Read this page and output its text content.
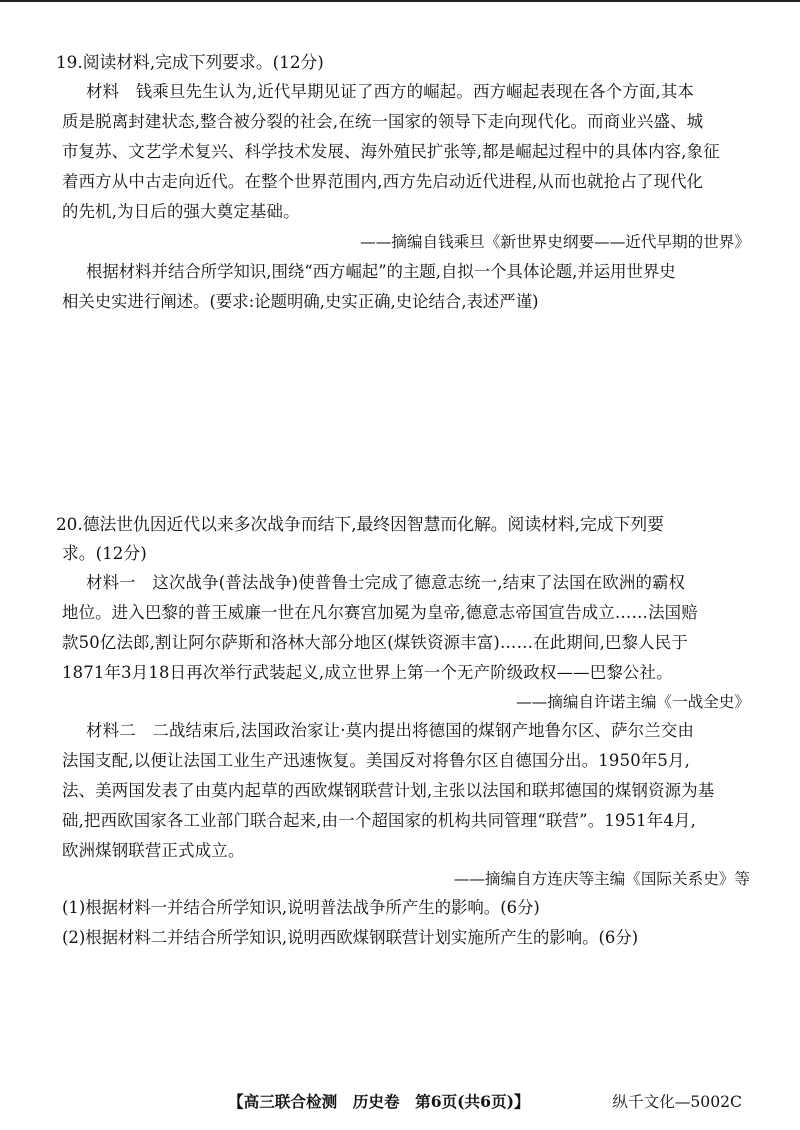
19.阅读材料,完成下列要求。(12分)
材料　钱乘旦先生认为,近代早期见证了西方的崛起。西方崛起表现在各个方面,其本
质是脱离封建状态,整合被分裂的社会,在统一国家的领导下走向现代化。而商业兴盛、城
市复苏、文艺学术复兴、科学技术发展、海外殖民扩张等,都是崛起过程中的具体内容,象征
着西方从中古走向近代。在整个世界范围内,西方先启动近代进程,从而也就抢占了现代化
的先机,为日后的强大奠定基础。
——摘编自钱乘旦《新世界史纲要——近代早期的世界》
根据材料并结合所学知识,围绕“西方崛起”的主题,自拟一个具体论题,并运用世界史
相关史实进行阐述。(要求:论题明确,史实正确,史论结合,表述严谨)
20.德法世仇因近代以来多次战争而结下,最终因智慧而化解。阅读材料,完成下列要
求。(12分)
材料一　这次战争(普法战争)使普鲁士完成了德意志统一,结束了法国在欧洲的霸权
地位。进入巴黎的普王威廉一世在凡尔赛宫加冕为皇帝,德意志帝国宣告成立……法国赔
款50亿法郎,割让阿尔萨斯和洛林大部分地区(煤铁资源丰富)……在此期间,巴黎人民于
1871年3月18日再次举行武装起义,成立世界上第一个无产阶级政权——巴黎公社。
——摘编自许诺主编《一战全史》
材料二　二战结束后,法国政治家让·莫内提出将德国的煤钢产地鲁尔区、萨尔兰交由
法国支配,以便让法国工业生产迅速恢复。美国反对将鲁尔区自德国分出。1950年5月,
法、美两国发表了由莫内起草的西欧煤钢联营计划,主张以法国和联邦德国的煤钢资源为基
础,把西欧国家各工业部门联合起来,由一个超国家的机构共同管理“联营”。1951年4月,
欧洲煤钢联营正式成立。
——摘编自方连庆等主编《国际关系史》等
(1)根据材料一并结合所学知识,说明普法战争所产生的影响。(6分)
(2)根据材料二并结合所学知识,说明西欧煤钢联营计划实施所产生的影响。(6分)
【高三联合检测　历史卷　第6页(共6页)】	纵千文化—5002C
